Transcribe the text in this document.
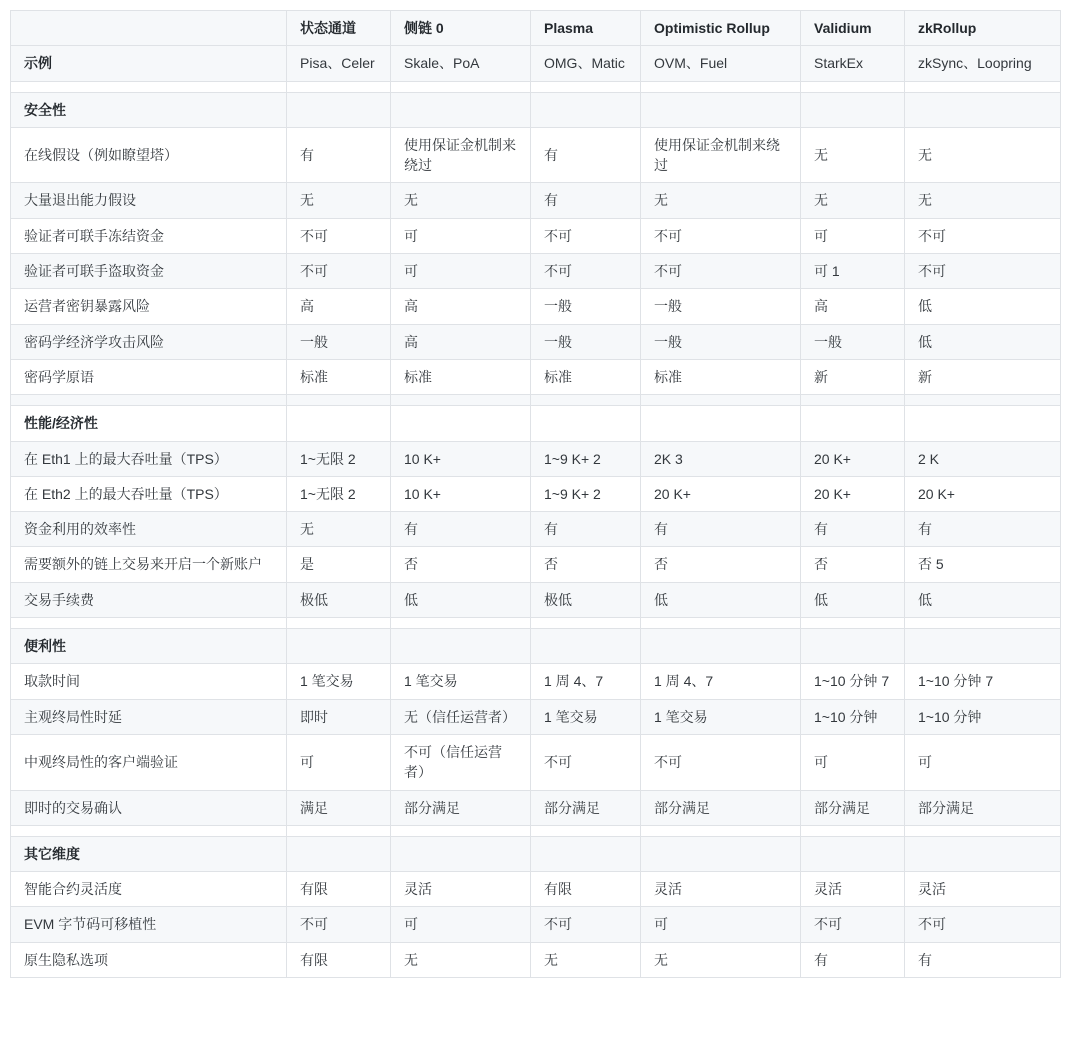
	状态通道	侧链 0	Plasma	Optimistic Rollup	Validium	zkRollup
示例	Pisa、Celer	Skale、PoA	OMG、Matic	OVM、Fuel	StarkEx	zkSync、Loopring

安全性						
在线假设（例如瞭望塔）	有	使用保证金机制来绕过	有	使用保证金机制来绕过	无	无
大量退出能力假设	无	无	有	无	无	无
验证者可联手冻结资金	不可	可	不可	不可	可	不可
验证者可联手盗取资金	不可	可	不可	不可	可 1	不可
运营者密钥暴露风险	高	高	一般	一般	高	低
密码学经济学攻击风险	一般	高	一般	一般	一般	低
密码学原语	标准	标准	标准	标准	新	新

性能/经济性						
在 Eth1 上的最大吞吐量（TPS）	1~无限 2	10 K+	1~9 K+ 2	2K 3	20 K+	2 K
在 Eth2 上的最大吞吐量（TPS）	1~无限 2	10 K+	1~9 K+ 2	20 K+	20 K+	20 K+
资金利用的效率性	无	有	有	有	有	有
需要额外的链上交易来开启一个新账户	是	否	否	否	否	否 5
交易手续费	极低	低	极低	低	低	低

便利性						
取款时间	1 笔交易	1 笔交易	1 周 4、7	1 周 4、7	1~10 分钟 7	1~10 分钟 7
主观终局性时延	即时	无（信任运营者）	1 笔交易	1 笔交易	1~10 分钟	1~10 分钟
中观终局性的客户端验证	可	不可（信任运营者）	不可	不可	可	可
即时的交易确认	满足	部分满足	部分满足	部分满足	部分满足	部分满足

其它维度						
智能合约灵活度	有限	灵活	有限	灵活	灵活	灵活
EVM 字节码可移植性	不可	可	不可	可	不可	不可
原生隐私选项	有限	无	无	无	有	有
